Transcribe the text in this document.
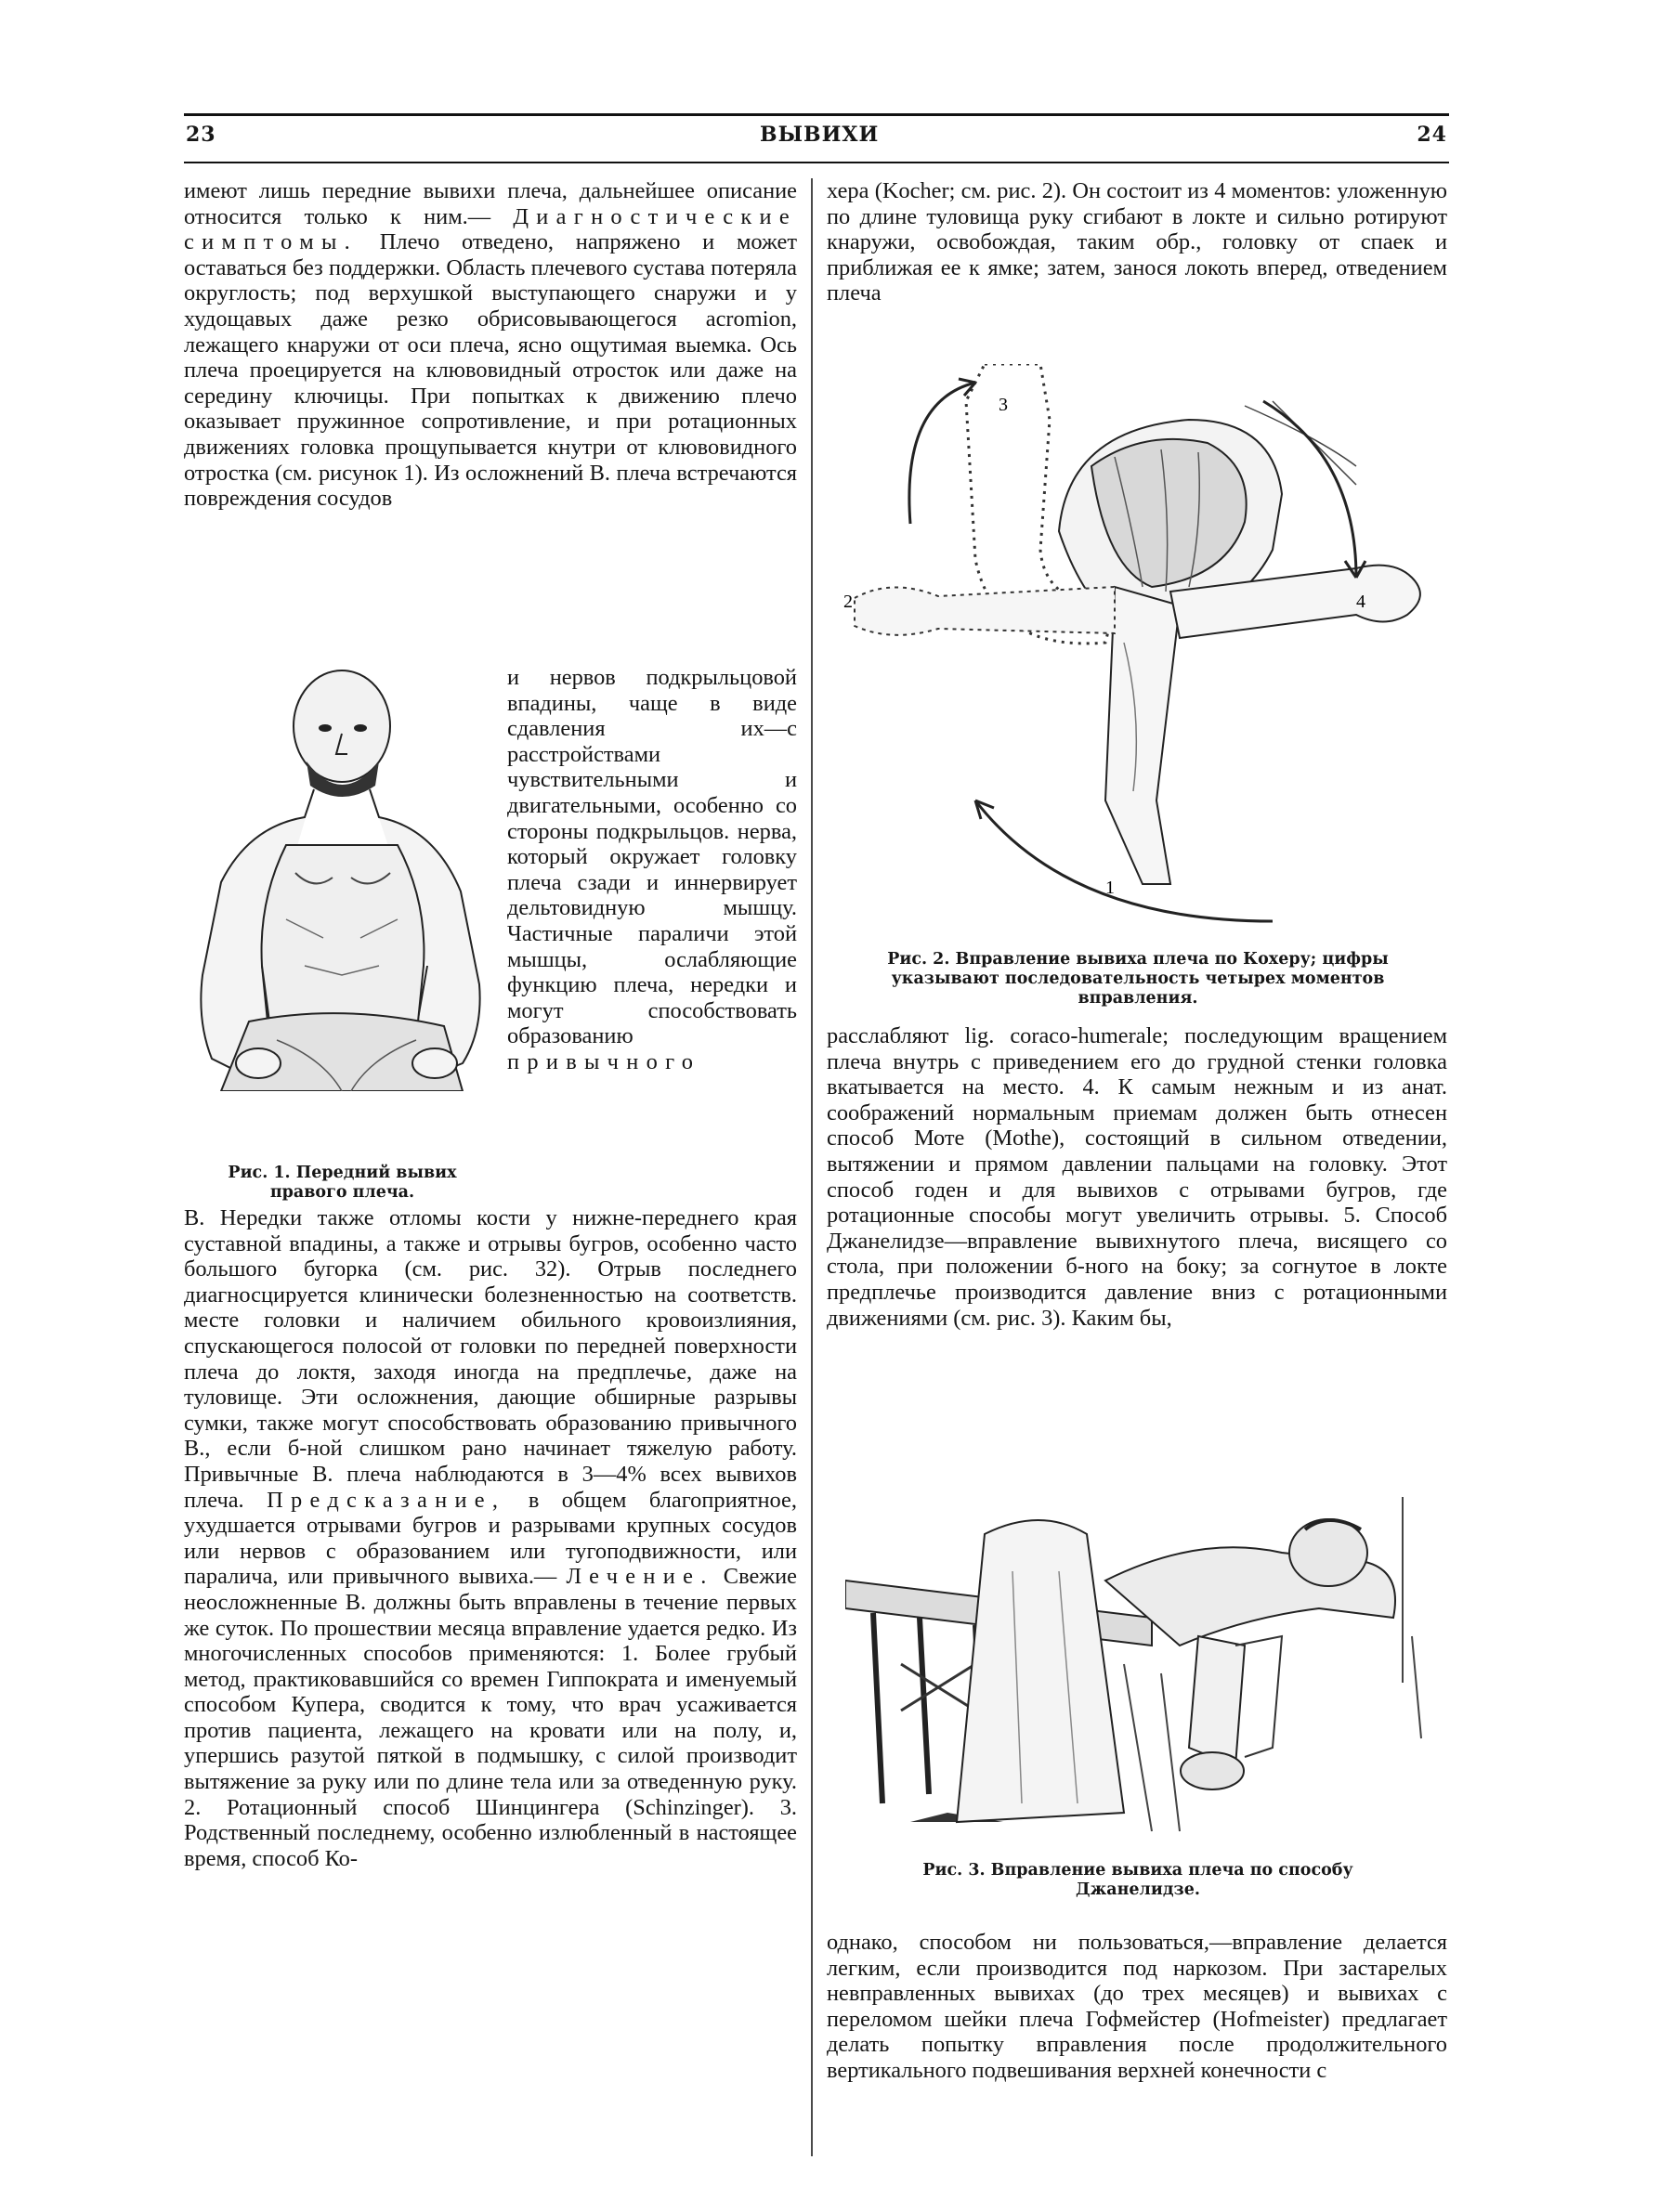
23	ВЫВИХИ	24

имеют лишь передние вывихи плеча, дальнейшее описание относится только к ним.— Диагностические симптомы. Плечо отведено, напряжено и может оставаться без поддержки. Область плечевого сустава потеряла округлость; под верхушкой выступающего снаружи и у худощавых даже резко обрисовывающегося acromion, лежащего кнаружи от оси плеча, ясно ощутимая выемка. Ось плеча проецируется на клювовидный отросток или даже на середину ключицы. При попытках к движению плечо оказывает пружинное сопротивление, и при ротационных движениях головка прощупывается кнутри от клювовидного отростка (см. рисунок 1). Из осложнений В. плеча встречаются повреждения сосудов

Рис. 1. Передний вывих правого плеча.

и нервов подкрыльцовой впадины, чаще в виде сдавления их—с расстройствами чувствительными и двигательными, особенно со стороны подкрыльцов. нерва, который окружает головку плеча сзади и иннервирует дельтовидную мышцу. Частичные параличи этой мышцы, ослабляющие функцию плеча, нередки и могут способствовать образованию привычного

В. Нередки также отломы кости у нижне-переднего края суставной впадины, а также и отрывы бугров, особенно часто большого бугорка (см. рис. 32). Отрыв последнего диагносцируется клинически болезненностью на соответств. месте головки и наличием обильного кровоизлияния, спускающегося полосой от головки по передней поверхности плеча до локтя, заходя иногда на предплечье, даже на туловище. Эти осложнения, дающие обширные разрывы сумки, также могут способствовать образованию привычного В., если б-ной слишком рано начинает тяжелую работу. Привычные В. плеча наблюдаются в 3—4% всех вывихов плеча. Предсказание, в общем благоприятное, ухудшается отрывами бугров и разрывами крупных сосудов или нервов с образованием или тугоподвижности, или паралича, или привычного вывиха.— Лечение. Свежие неосложненные В. должны быть вправлены в течение первых же суток. По прошествии месяца вправление удается редко. Из многочисленных способов применяются: 1. Более грубый метод, практиковавшийся со времен Гиппократа и именуемый способом Купера, сводится к тому, что врач усаживается против пациента, лежащего на кровати или на полу, и, упершись разутой пяткой в подмышку, с силой производит вытяжение за руку или по длине тела или за отведенную руку. 2. Ротационный способ Шинцингера (Schinzinger). 3. Родственный последнему, особенно излюбленный в настоящее время, способ Ко-

хера (Kocher; см. рис. 2). Он состоит из 4 моментов: уложенную по длине туловища руку сгибают в локте и сильно ротируют кнаружи, освобождая, таким обр., головку от спаек и приближая ее к ямке; затем, занося локоть вперед, отведением плеча

1
2
3
4
Рис. 2. Вправление вывиха плеча по Кохеру; цифры указывают последовательность четырех моментов вправления.

расслабляют lig. coraco-humerale; последующим вращением плеча внутрь с приведением его до грудной стенки головка вкатывается на место. 4. К самым нежным и из анат. соображений нормальным приемам должен быть отнесен способ Моте (Mothe), состоящий в сильном отведении, вытяжении и прямом давлении пальцами на головку. Этот способ годен и для вывихов с отрывами бугров, где ротационные способы могут увеличить отрывы. 5. Способ Джанелидзе—вправление вывихнутого плеча, висящего со стола, при положении б-ного на боку; за согнутое в локте предплечье производится давление вниз с ротационными движениями (см. рис. 3). Каким бы,

Рис. 3. Вправление вывиха плеча по способу Джанелидзе.

однако, способом ни пользоваться,—вправление делается легким, если производится под наркозом. При застарелых невправленных вывихах (до трех месяцев) и вывихах с переломом шейки плеча Гофмейстер (Hofmeister) предлагает делать попытку вправления после продолжительного вертикального подвешивания верхней конечности с
